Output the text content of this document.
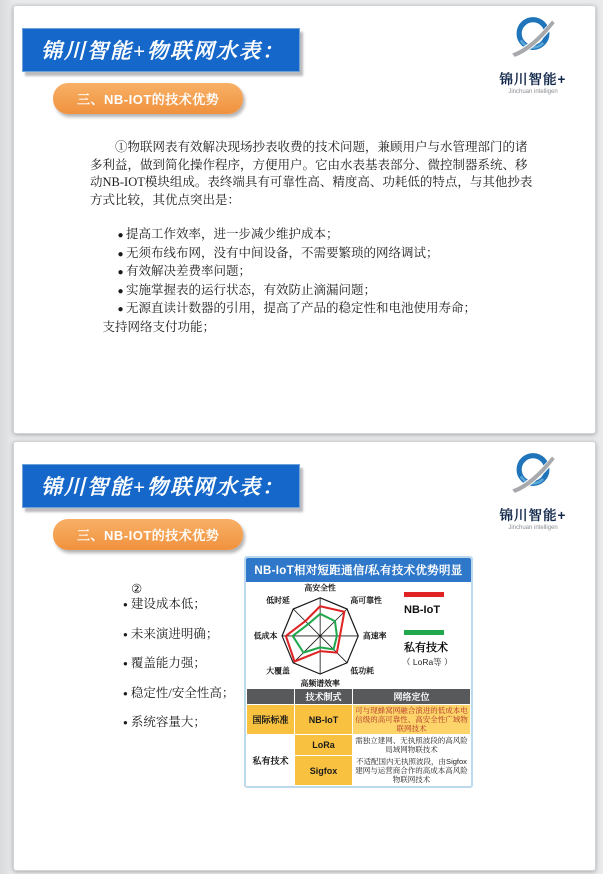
锦川智能+物联网水表：
锦川智能+
Jinchuan intelligen
三、NB-IOT的技术优势
①物联网表有效解决现场抄表收费的技术问题，兼顾用户与水管理部门的诸多利益，做到简化操作程序，方便用户。它由水表基表部分、微控制器系统、移动NB-IOT模块组成。表终端具有可靠性高、精度高、功耗低的特点，与其他抄表方式比较，其优点突出是：
● 提高工作效率，进一步减少维护成本；
● 无须布线布网，没有中间设备，不需要繁琐的网络调试；
● 有效解决差费率问题；
● 实施掌握表的运行状态，有效防止滴漏问题；
● 无源直读计数器的引用，提高了产品的稳定性和电池使用寿命；
支持网络支付功能；
锦川智能+物联网水表：
锦川智能+
Jinchuan intelligen
三、NB-IOT的技术优势
②
● 建设成本低；
● 未来演进明确；
● 覆盖能力强；
● 稳定性/安全性高；
● 系统容量大；
NB-IoT相对短距通信/私有技术优势明显
高安全性
高可靠性
高速率
低功耗
高频谱效率
大覆盖
低成本
低时延
NB-IoT
私有技术
（ LoRa等 ）
	技术制式	网络定位
国际标准	NB-IoT	可与现蜂窝网融合演进的低成本电信级的高可靠性、高安全性广域物联网技术
私有技术	LoRa	需独立建网、无执照波段的高风险局域网物联技术
	Sigfox	不适配国内无执照波段，由Sigfox建网与运营商合作的高成本高风险物联网技术
